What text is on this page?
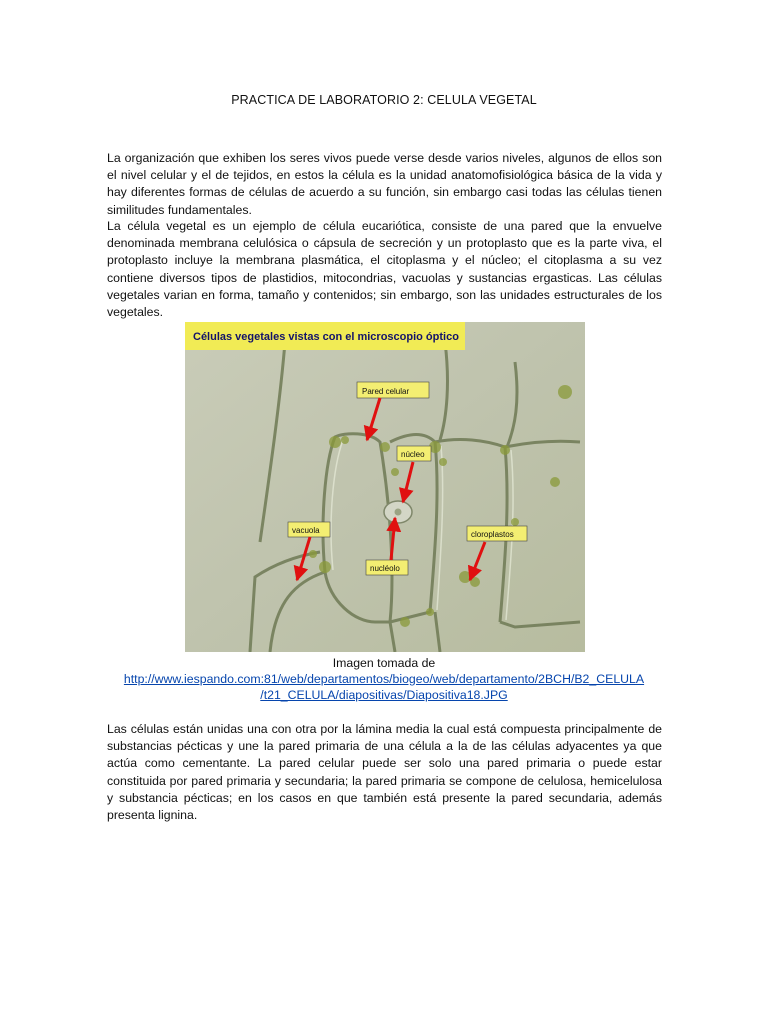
PRACTICA DE LABORATORIO 2: CELULA VEGETAL

La organización que exhiben los seres vivos puede verse desde varios niveles, algunos de ellos son el nivel celular y el de tejidos, en estos la célula es la unidad anatomofisiológica básica de la vida y hay diferentes formas de células de acuerdo a su función, sin embargo casi todas las células tienen similitudes fundamentales.

La célula vegetal es un ejemplo de célula eucariótica, consiste de una pared que la envuelve denominada membrana celulósica o cápsula de secreción y un protoplasto que es la parte viva, el protoplasto incluye la membrana plasmática, el citoplasma y el núcleo; el citoplasma a su vez contiene diversos tipos de plastidios, mitocondrias, vacuolas y sustancias ergasticas. Las células vegetales varian en forma, tamaño y contenidos; sin embargo, son las unidades estructurales de los vegetales.

Células vegetales vistas con el microscopio óptico
Pared celular
núcleo
vacuola
nucléolo
cloroplastos
Imagen tomada de
http://www.iespando.com:81/web/departamentos/biogeo/web/departamento/2BCH/B2_CELULA
/t21_CELULA/diapositivas/Diapositiva18.JPG

Las células están unidas una con otra por la lámina media la cual está compuesta principalmente de substancias pécticas y une la pared primaria de una célula a la de las células adyacentes ya que actúa como cementante. La pared celular puede ser solo una pared primaria o puede estar constituida por pared primaria y secundaria; la pared primaria se compone de celulosa, hemicelulosa y substancia pécticas; en los casos en que también está presente la pared secundaria, además presenta lignina.
